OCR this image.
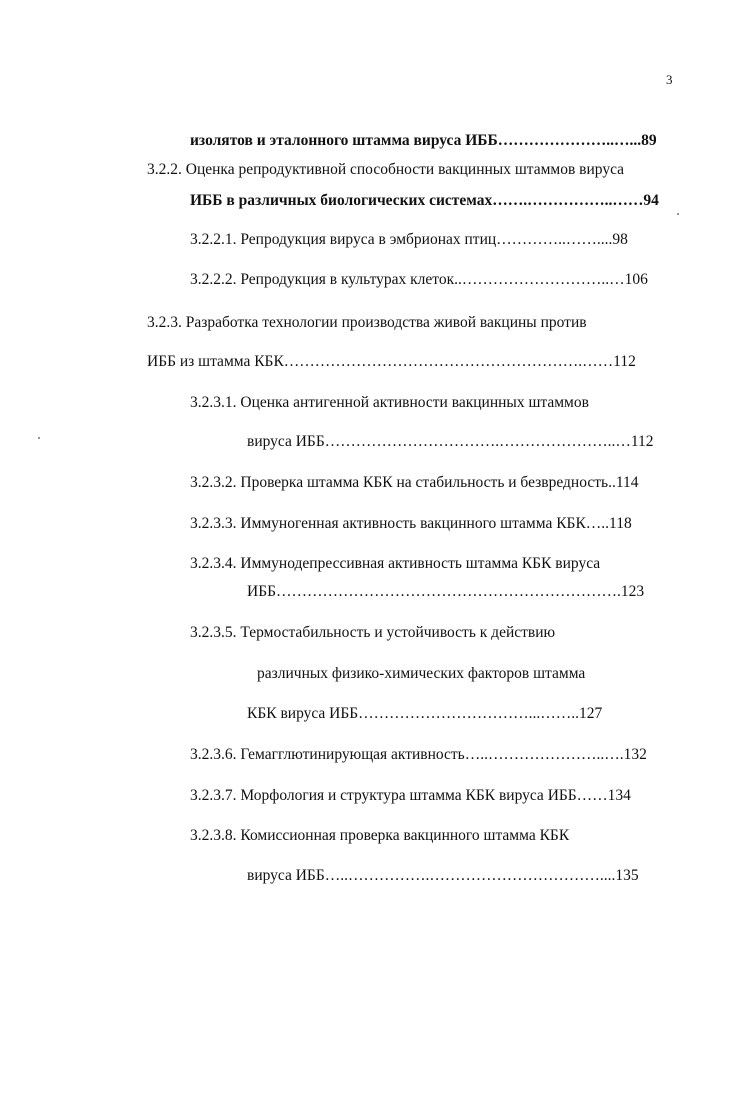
3
изолятов и эталонного штамма вируса ИББ…………………..…...89
3.2.2. Оценка репродуктивной способности вакцинных штаммов вируса
ИББ в различных биологических системах…….……………..……94
3.2.2.1. Репродукция вируса в эмбрионах птиц…………..……....98
3.2.2.2. Репродукция в культурах клеток..………………………..…106
3.2.3. Разработка технологии производства живой вакцины против
ИББ из штамма КБК………………………………………………….……112
3.2.3.1. Оценка антигенной активности вакцинных штаммов
вируса ИББ…………………………….…………………..…112
3.2.3.2. Проверка штамма КБК на стабильность и безвредность..114
3.2.3.3. Иммуногенная активность вакцинного штамма КБК…..118
3.2.3.4. Иммунодепрессивная активность штамма КБК вируса
ИББ………………………………………………………….123
3.2.3.5. Термостабильность и устойчивость к действию
различных физико-химических факторов штамма
КБК вируса ИББ……………………………...……..127
3.2.3.6. Гемагглютинирующая активность…..…………………..….132
3.2.3.7. Морфология и структура штамма КБК вируса ИББ……134
3.2.3.8. Комиссионная проверка вакцинного штамма КБК
вируса ИББ…..…………….……………………………....135
